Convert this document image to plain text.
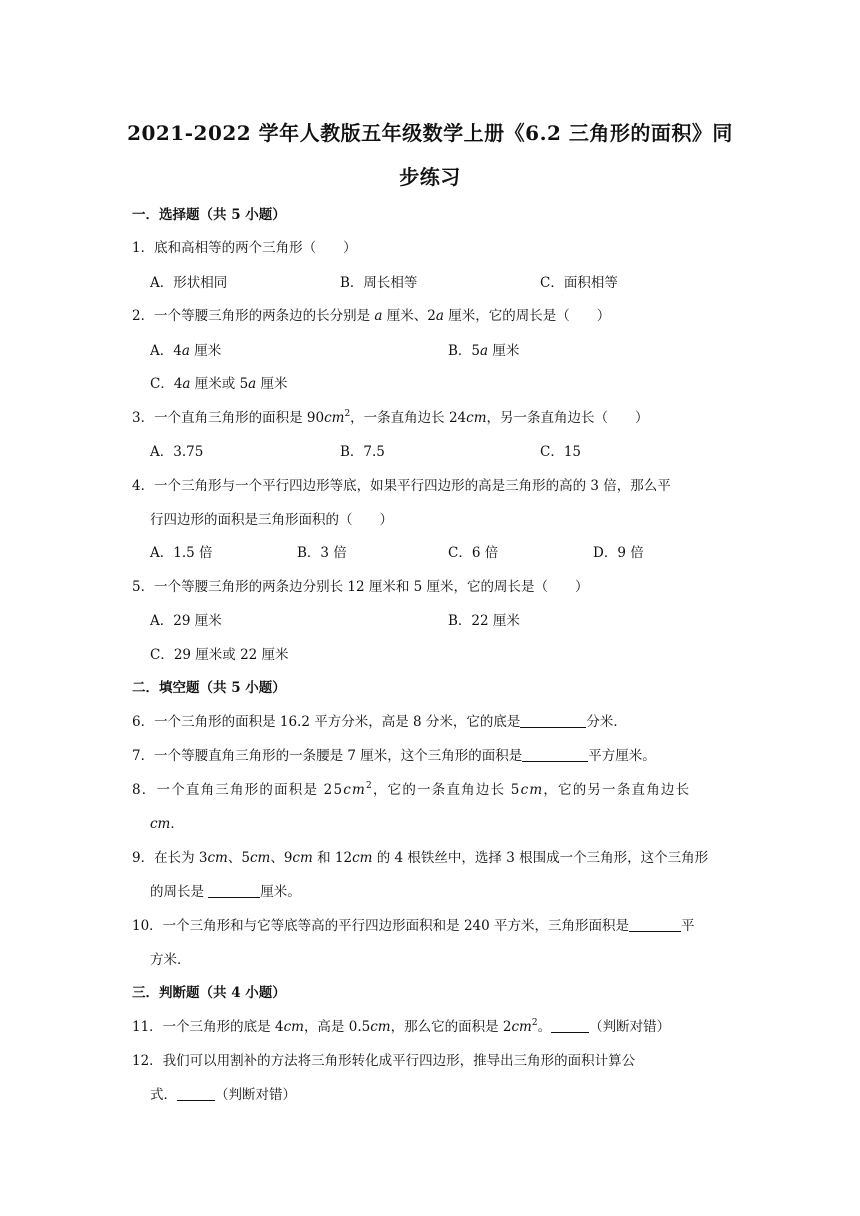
2021-2022 学年人教版五年级数学上册《6.2 三角形的面积》同
步练习
一．选择题（共 5 小题）
1．底和高相等的两个三角形（　　）
A．形状相同	B．周长相等	C．面积相等
2．一个等腰三角形的两条边的长分别是 a 厘米、2a 厘米，它的周长是（　　）
A．4a 厘米	B．5a 厘米
C．4a 厘米或 5a 厘米
3．一个直角三角形的面积是 $90cm^2$，一条直角边长 24cm，另一条直角边长（　　）
A．3.75	B．7.5	C．15
4．一个三角形与一个平行四边形等底，如果平行四边形的高是三角形的高的 3 倍，那么平
行四边形的面积是三角形面积的（　　）
A．1.5 倍	B．3 倍	C．6 倍	D．9 倍
5．一个等腰三角形的两条边分别长 12 厘米和 5 厘米，它的周长是（　　）
A．29 厘米	B．22 厘米
C．29 厘米或 22 厘米
二．填空题（共 5 小题）
6．一个三角形的面积是 16.2 平方分米，高是 8 分米，它的底是	分米．
7．一个等腰直角三角形的一条腰是 7 厘米，这个三角形的面积是	平方厘米。
8．一个直角三角形的面积是 $25cm^2$，它的一条直角边长 5cm，它的另一条直角边长
cm．
9．在长为 3cm、5cm、9cm 和 12cm 的 4 根铁丝中，选择 3 根围成一个三角形，这个三角形
的周长是	厘米。
10．一个三角形和与它等底等高的平行四边形面积和是 240 平方米，三角形面积是	平
方米．
三．判断题（共 4 小题）
11．一个三角形的底是 4cm，高是 0.5cm，那么它的面积是 $2cm^2$。	（判断对错）
12．我们可以用割补的方法将三角形转化成平行四边形，推导出三角形的面积计算公
式．	（判断对错）
